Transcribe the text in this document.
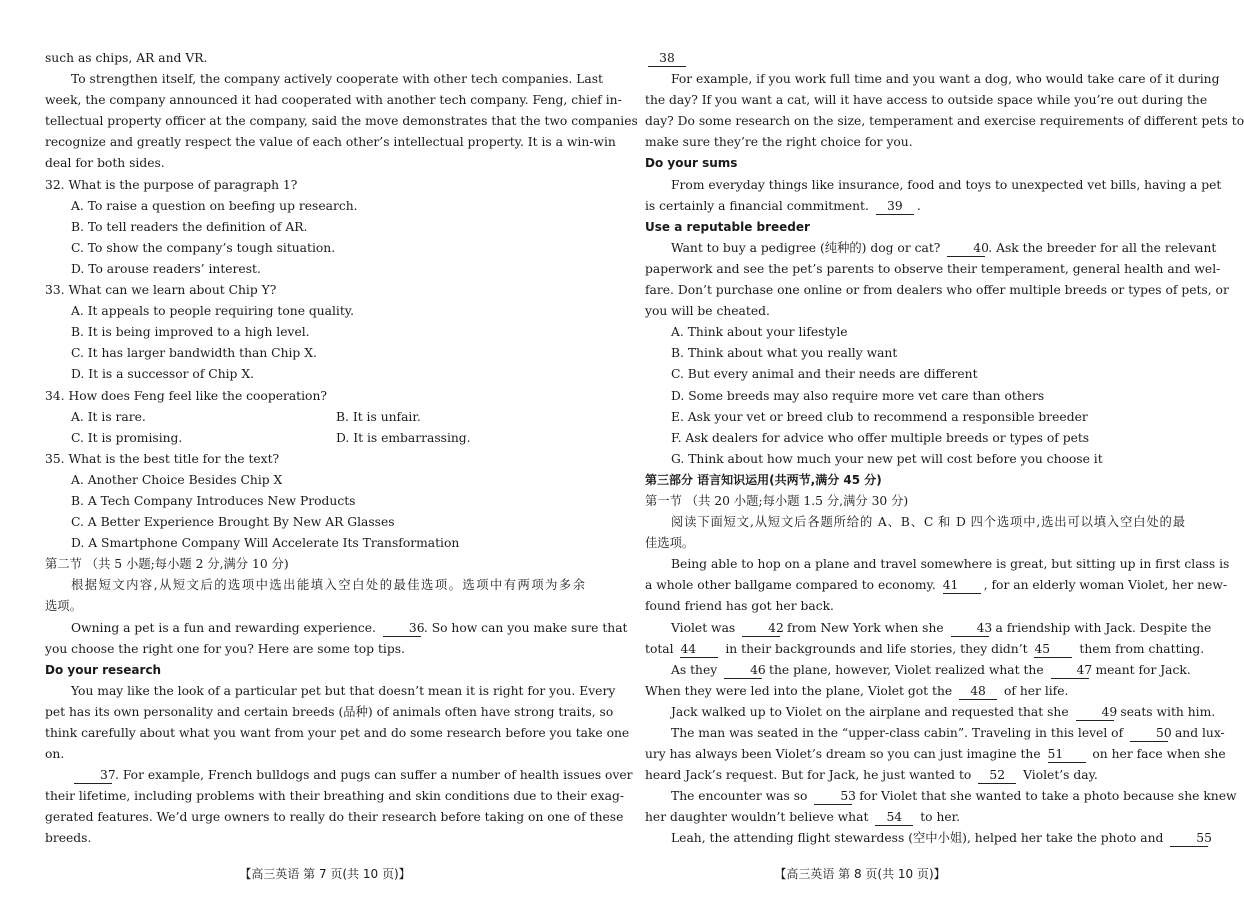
such as chips, AR and VR.
To strengthen itself, the company actively cooperate with other tech companies. Last
week, the company announced it had cooperated with another tech company. Feng, chief in-
tellectual property officer at the company, said the move demonstrates that the two companies
recognize and greatly respect the value of each other’s intellectual property. It is a win-win
deal for both sides.
32. What is the purpose of paragraph 1?
A. To raise a question on beefing up research.
B. To tell readers the definition of AR.
C. To show the company’s tough situation.
D. To arouse readers’ interest.
33. What can we learn about Chip Y?
A. It appeals to people requiring tone quality.
B. It is being improved to a high level.
C. It has larger bandwidth than Chip X.
D. It is a successor of Chip X.
34. How does Feng feel like the cooperation?
A. It is rare.	B. It is unfair.
C. It is promising.	D. It is embarrassing.
35. What is the best title for the text?
A. Another Choice Besides Chip X
B. A Tech Company Introduces New Products
C. A Better Experience Brought By New AR Glasses
D. A Smartphone Company Will Accelerate Its Transformation
第二节 （共 5 小题;每小题 2 分,满分 10 分)
根据短文内容,从短文后的选项中选出能填入空白处的最佳选项。选项中有两项为多余
选项。
Owning a pet is a fun and rewarding experience. 36. So how can you make sure that
you choose the right one for you? Here are some top tips.
Do your research
You may like the look of a particular pet but that doesn’t mean it is right for you. Every
pet has its own personality and certain breeds (品种) of animals often have strong traits, so
think carefully about what you want from your pet and do some research before you take one
on.
37. For example, French bulldogs and pugs can suffer a number of health issues over
their lifetime, including problems with their breathing and skin conditions due to their exag-
gerated features. We’d urge owners to really do their research before taking on one of these
breeds.
【高三英语 第 7 页(共 10 页)】
38
For example, if you work full time and you want a dog, who would take care of it during
the day? If you want a cat, will it have access to outside space while you’re out during the
day? Do some research on the size, temperament and exercise requirements of different pets to
make sure they’re the right choice for you.
Do your sums
From everyday things like insurance, food and toys to unexpected vet bills, having a pet
is certainly a financial commitment. 39 .
Use a reputable breeder
Want to buy a pedigree (纯种的) dog or cat? 40. Ask the breeder for all the relevant
paperwork and see the pet’s parents to observe their temperament, general health and wel-
fare. Don’t purchase one online or from dealers who offer multiple breeds or types of pets, or
you will be cheated.
A. Think about your lifestyle
B. Think about what you really want
C. But every animal and their needs are different
D. Some breeds may also require more vet care than others
E. Ask your vet or breed club to recommend a responsible breeder
F. Ask dealers for advice who offer multiple breeds or types of pets
G. Think about how much your new pet will cost before you choose it
第三部分 语言知识运用(共两节,满分 45 分)
第一节 （共 20 小题;每小题 1.5 分,满分 30 分)
阅读下面短文,从短文后各题所给的 A、B、C 和 D 四个选项中,选出可以填入空白处的最
佳选项。
Being able to hop on a plane and travel somewhere is great, but sitting up in first class is
a whole other ballgame compared to economy. 41 , for an elderly woman Violet, her new-
found friend has got her back.
Violet was 42 from New York when she 43 a friendship with Jack. Despite the
total 44 in their backgrounds and life stories, they didn’t 45 them from chatting.
As they 46 the plane, however, Violet realized what the 47 meant for Jack.
When they were led into the plane, Violet got the 48 of her life.
Jack walked up to Violet on the airplane and requested that she 49 seats with him.
The man was seated in the “upper-class cabin”. Traveling in this level of 50 and lux-
ury has always been Violet’s dream so you can just imagine the 51 on her face when she
heard Jack’s request. But for Jack, he just wanted to 52 Violet’s day.
The encounter was so 53 for Violet that she wanted to take a photo because she knew
her daughter wouldn’t believe what 54 to her.
Leah, the attending flight stewardess (空中小姐), helped her take the photo and 55
【高三英语 第 8 页(共 10 页)】
